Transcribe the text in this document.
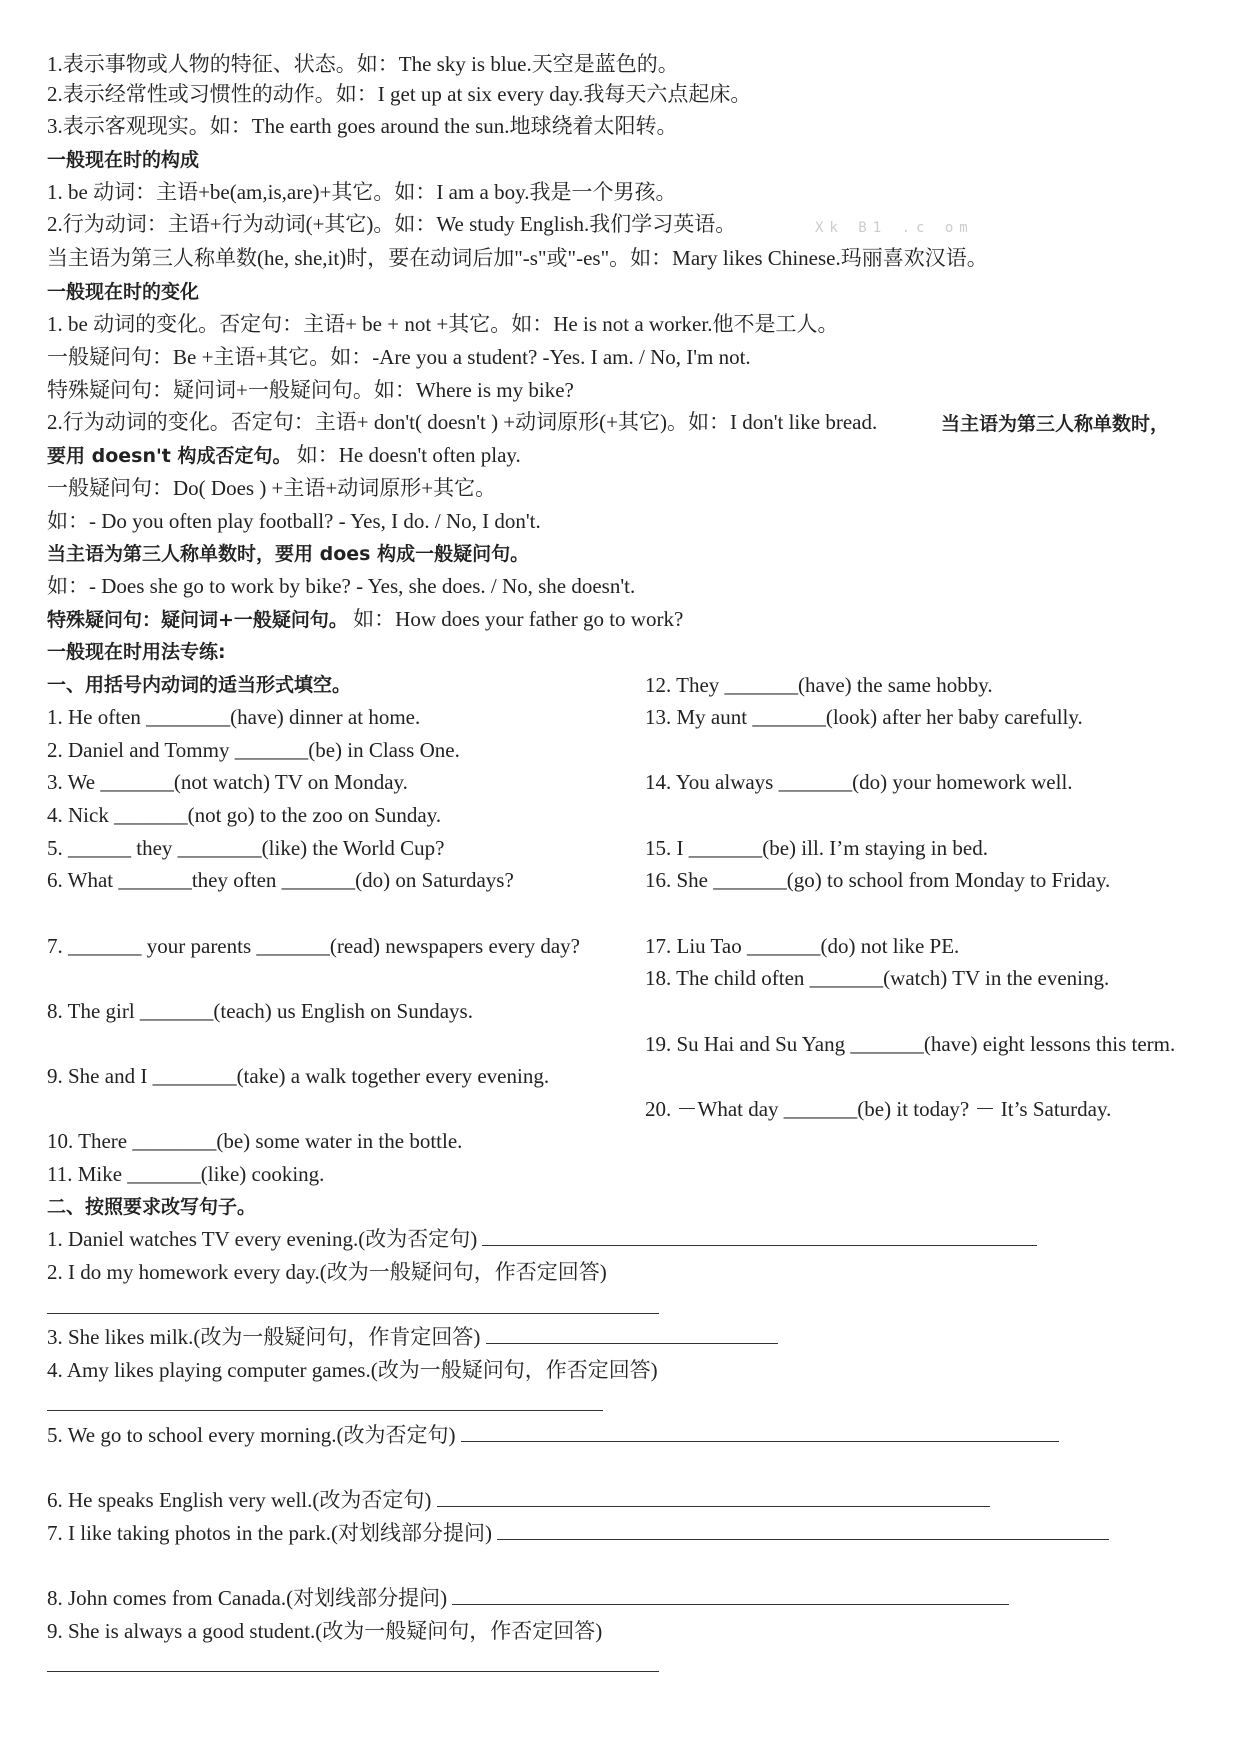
1.表示事物或人物的特征、状态。如：The sky is blue.天空是蓝色的。
2.表示经常性或习惯性的动作。如：I get up at six every day.我每天六点起床。
3.表示客观现实。如：The earth goes around the sun.地球绕着太阳转。
一般现在时的构成
1. be 动词：主语+be(am,is,are)+其它。如：I am a boy.我是一个男孩。
2.行为动词：主语+行为动词(+其它)。如：We study English.我们学习英语。	Xk B1 .c om
当主语为第三人称单数(he, she,it)时，要在动词后加"-s"或"-es"。如：Mary likes Chinese.玛丽喜欢汉语。
一般现在时的变化
1. be 动词的变化。否定句：主语+ be + not +其它。如：He is not a worker.他不是工人。
一般疑问句：Be +主语+其它。如：-Are you a student? -Yes. I am. / No, I'm not.
特殊疑问句：疑问词+一般疑问句。如：Where is my bike?
2.行为动词的变化。否定句：主语+ don't( doesn't ) +动词原形(+其它)。如：I don't like bread.	当主语为第三人称单数时，
要用 doesn't 构成否定句。 如：He doesn't often play.
一般疑问句：Do( Does ) +主语+动词原形+其它。
如：- Do you often play football? - Yes, I do. / No, I don't.
当主语为第三人称单数时，要用 does 构成一般疑问句。
如：- Does she go to work by bike? - Yes, she does. / No, she doesn't.
特殊疑问句：疑问词+一般疑问句。 如：How does your father go to work?
一般现在时用法专练:
一、用括号内动词的适当形式填空。
1. He often ________(have) dinner at home.
2. Daniel and Tommy _______(be) in Class One.
3. We _______(not watch) TV on Monday.
4. Nick _______(not go) to the zoo on Sunday.
5. ______ they ________(like) the World Cup?
6. What _______they often _______(do) on Saturdays?
7. _______ your parents _______(read) newspapers every day?
8. The girl _______(teach) us English on Sundays.
9. She and I ________(take) a walk together every evening.
10. There ________(be) some water in the bottle.
11. Mike _______(like) cooking.
12. They _______(have) the same hobby.
13. My aunt _______(look) after her baby carefully.
14. You always _______(do) your homework well.
15. I _______(be) ill. I’m staying in bed.
16. She _______(go) to school from Monday to Friday.
17. Liu Tao _______(do) not like PE.
18. The child often _______(watch) TV in the evening.
19. Su Hai and Su Yang _______(have) eight lessons this term.
20. －What day _______(be) it today? － It’s Saturday.
二、按照要求改写句子。
1. Daniel watches TV every evening.(改为否定句)
2. I do my homework every day.(改为一般疑问句，作否定回答)
3. She likes milk.(改为一般疑问句，作肯定回答)
4. Amy likes playing computer games.(改为一般疑问句，作否定回答)
5. We go to school every morning.(改为否定句)
6. He speaks English very well.(改为否定句)
7. I like taking photos in the park.(对划线部分提问)
8. John comes from Canada.(对划线部分提问)
9. She is always a good student.(改为一般疑问句，作否定回答)
